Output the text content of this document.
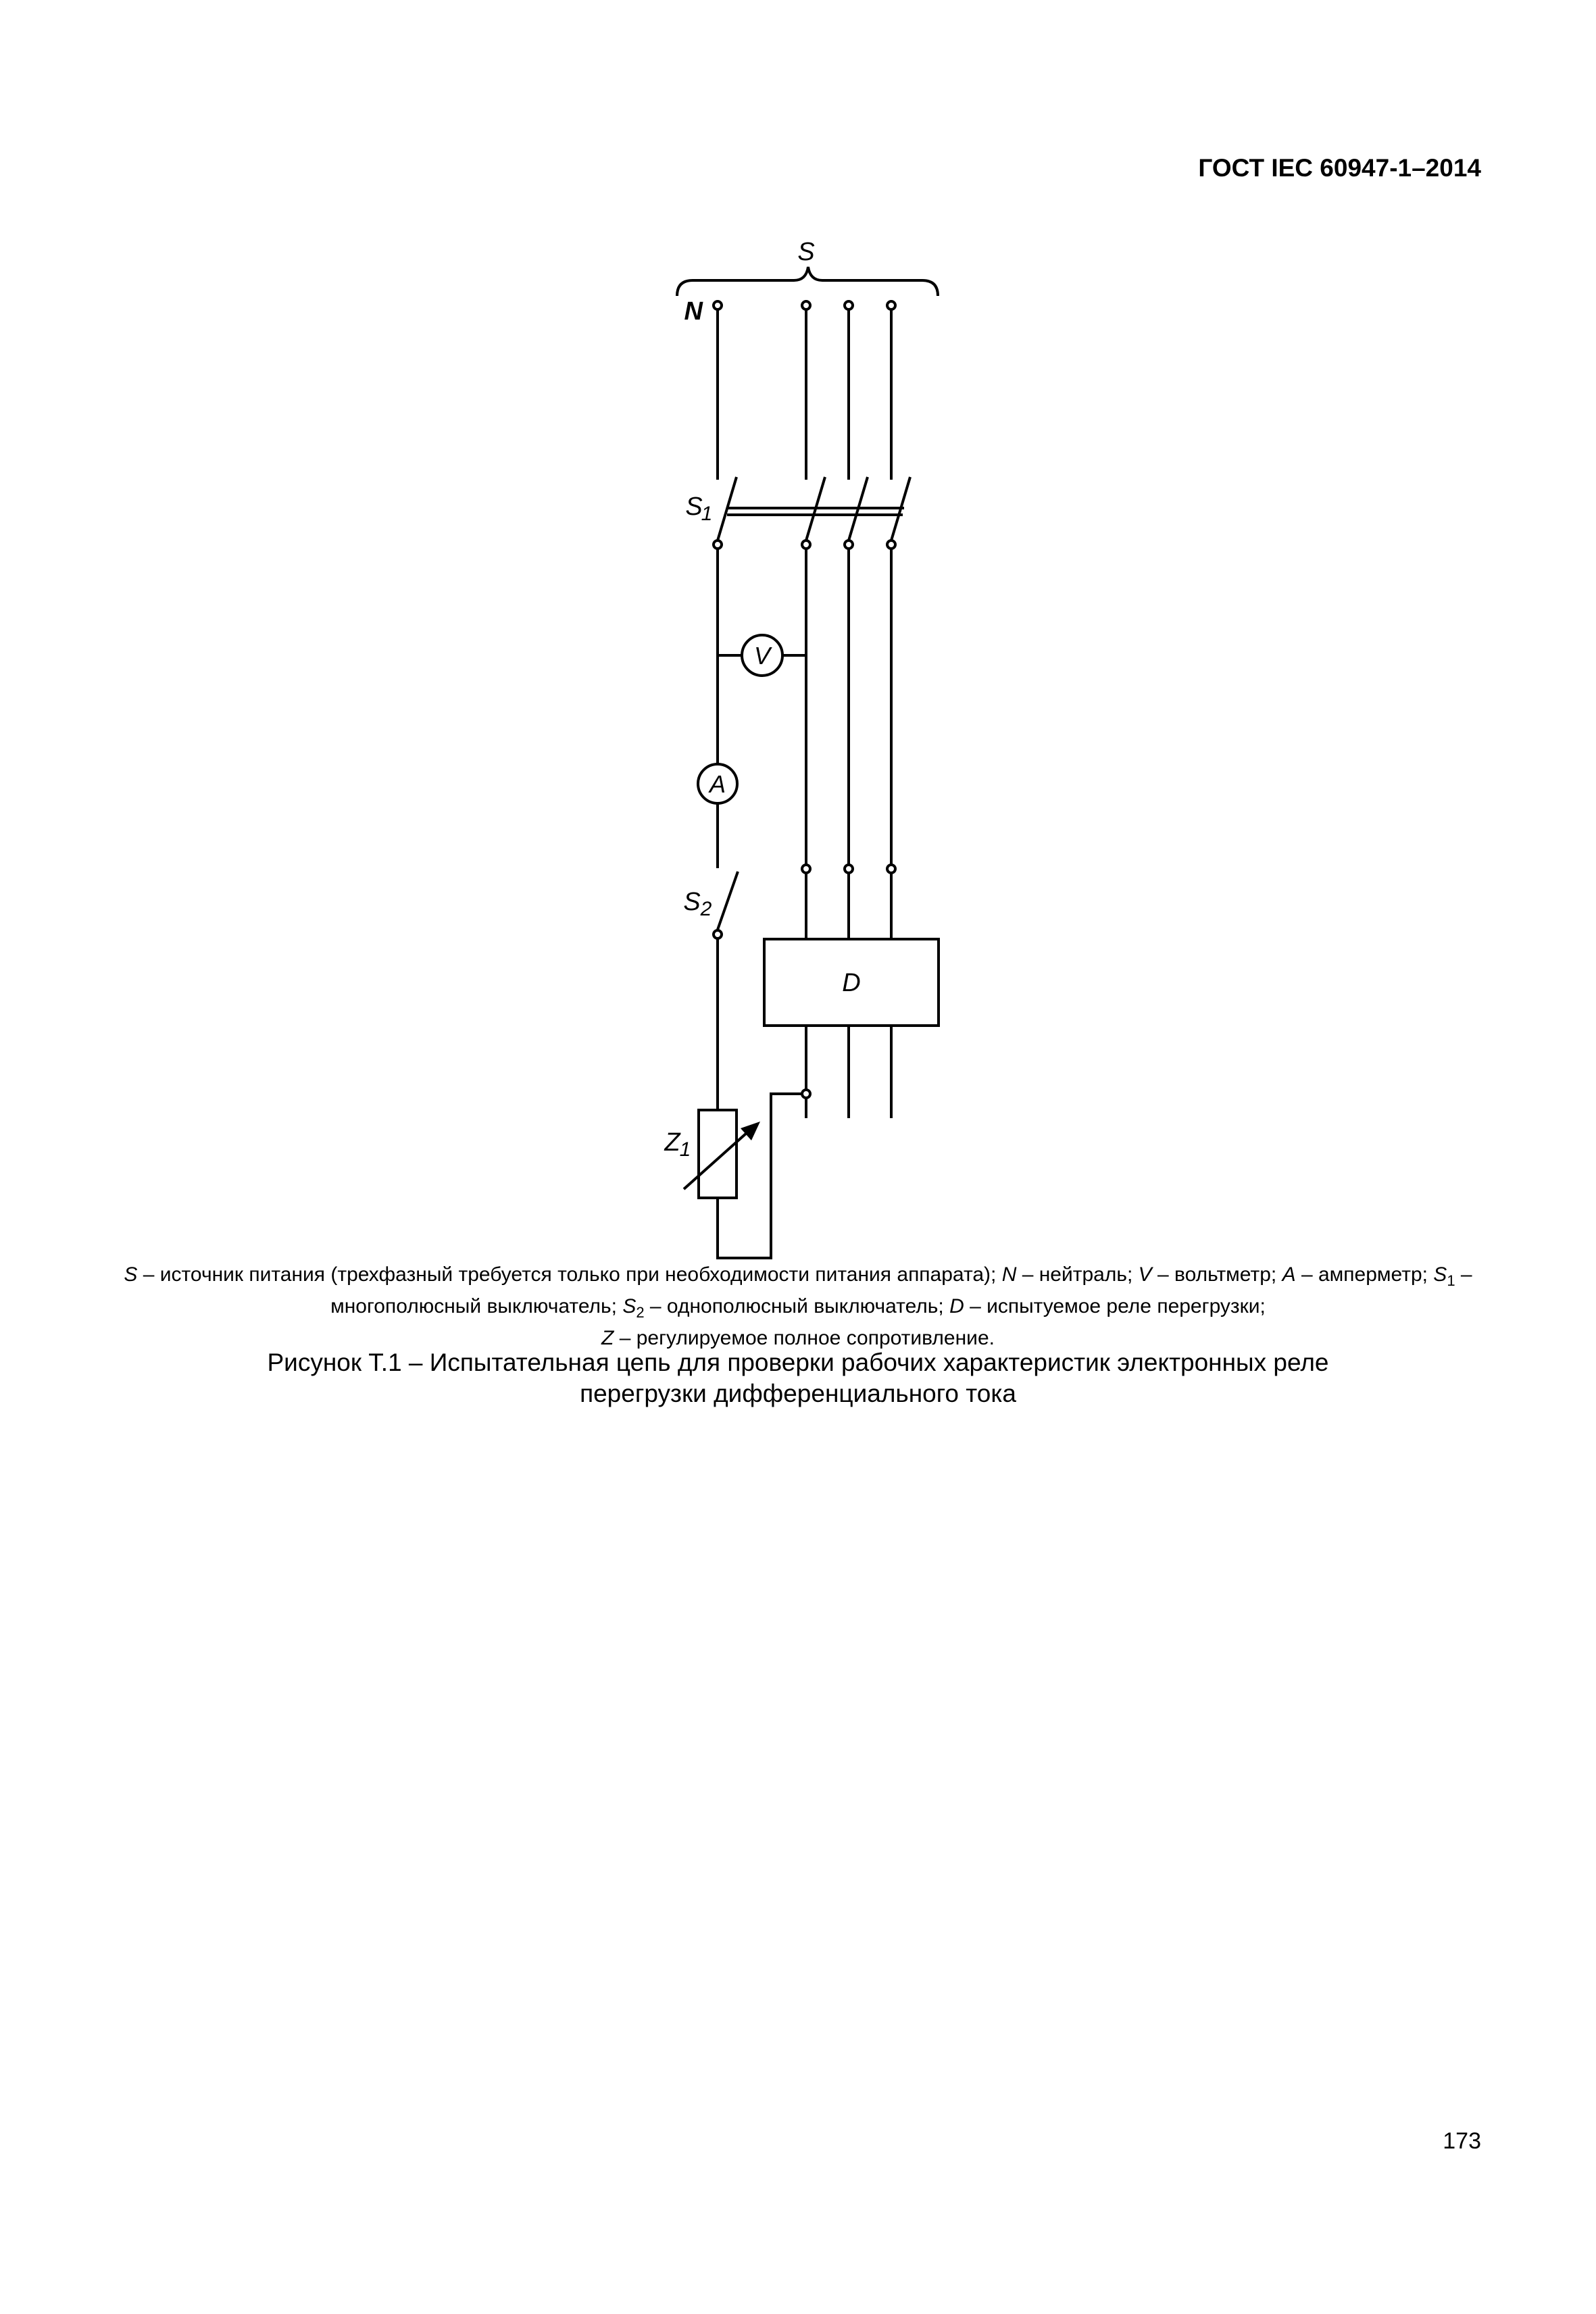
ГОСТ IEC 60947-1–2014
S
N
S
1
V
A
S 2
D
Z 1
S – источник питания (трехфазный требуется только при необходимости питания аппарата); N – нейтраль; V – вольтметр; A – амперметр; $S_1$ – многополюсный выключатель; $S_2$ – однополюсный выключатель; D – испытуемое реле перегрузки;
Z – регулируемое полное сопротивление.
Рисунок Т.1 – Испытательная цепь для проверки рабочих характеристик электронных реле
перегрузки дифференциального тока
173
